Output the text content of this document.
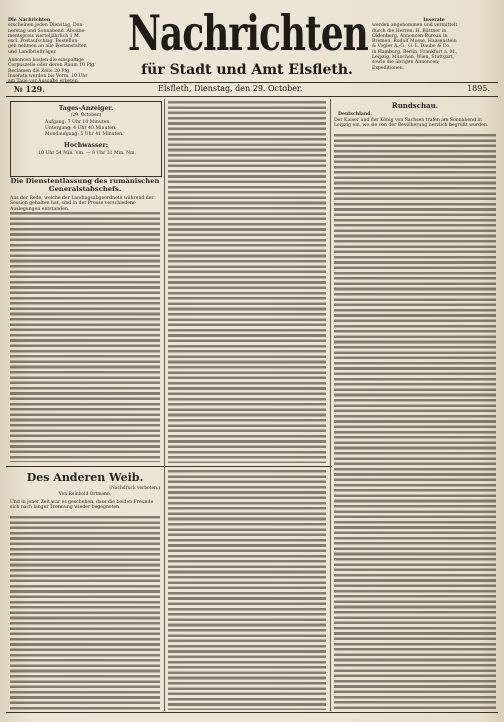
Die Nachrichten

erscheinen jeden Dienstag, Don-

nerstag und Sonnabend. Abonne-

mentspreis vierteljährlich 1 M.

excl. Postaufschlag. Bestellun-

gen nehmen an alle Postanstalten

und Landbriefträger.

Annoncen kosten die einspaltige

Corpuszeile oder deren Raum 10 Pfg.

Reclamen die Zeile 20 Pfg.

Inserate werden bis Vorm. 10 Uhr

Nachrichten
für Stadt und Amt Elsfleth.

Inserate

werden angenommen und vermittelt

durch die Herren: H. Büttner in

Oldenburg, Annoncen-Bureau in

Bremen, Rudolf Mosse, Haasenstein

& Vogler A.-G., G. L. Daube & Co.

in Hamburg, Berlin, Frankfurt a. M.,

Leipzig, München, Wien, Stuttgart,

sowie die übrigen Annoncen-

Expeditionen.

№ 129.	Elsfleth, Dienstag, den 29. October.	1895.

Tages-Anzeiger.

(29. October.)

Aufgang: 7 Uhr 10 Minuten.

Untergang: 4 Uhr 40 Minuten.

Mondaufgang: 5 Uhr 41 Minuten.

Hochwasser:

10 Uhr 54 Min. Vm. — 9 Uhr 31 Min. Nm.

Die Dienstentlassung des rumänischen Generalstabschefs.

Aus der Rede, welche der Landtagsabgeordnete während der Session gehalten hat, sind in der Presse verschiedene Auslegungen entstanden.

Des Anderen Weib.

(Nachdruck verboten.)

Von Reinhold Ortmann.

Und in jener Zeit war es geschehen, dass die beiden Freunde sich nach langer Trennung wieder begegneten.

Rundschau.

Deutschland.

Der Kaiser und der König von Sachsen trafen am Sonnabend in Leipzig ein, wo sie von der Bevölkerung herzlich begrüßt wurden.
